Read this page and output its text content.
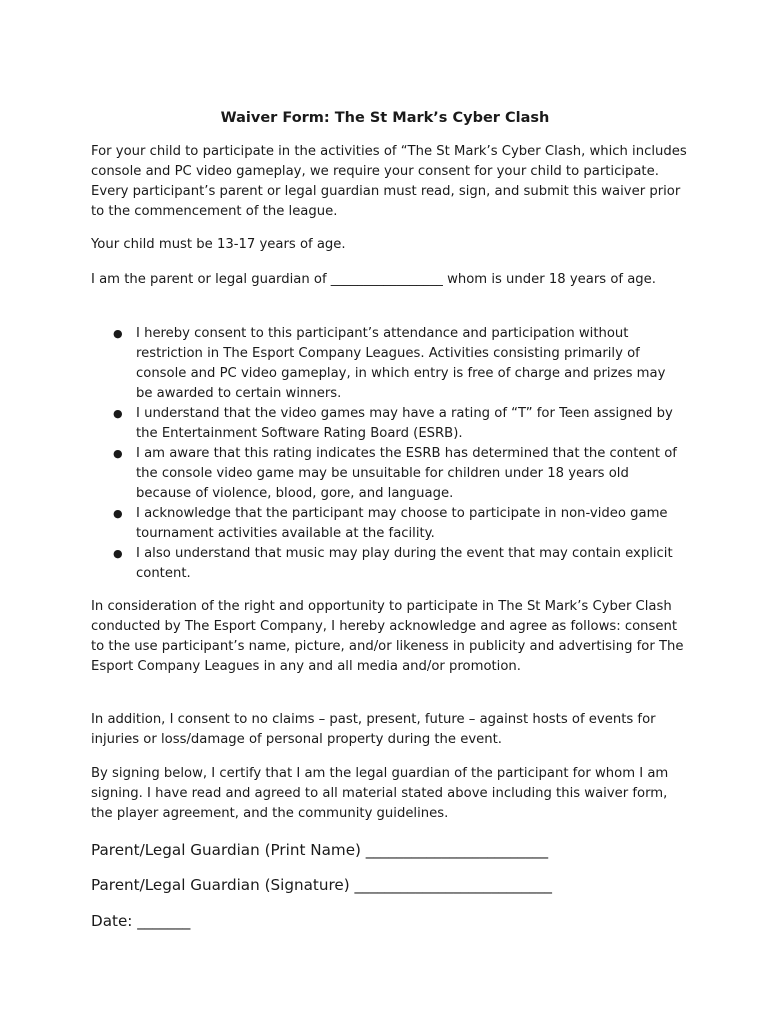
Waiver Form: The St Mark’s Cyber Clash

For your child to participate in the activities of “The St Mark’s Cyber Clash, which includes console and PC video gameplay, we require your consent for your child to participate. Every participant’s parent or legal guardian must read, sign, and submit this waiver prior to the commencement of the league.

Your child must be 13-17 years of age.

I am the parent or legal guardian of _________________ whom is under 18 years of age.

● I hereby consent to this participant’s attendance and participation without restriction in The Esport Company Leagues. Activities consisting primarily of console and PC video gameplay, in which entry is free of charge and prizes may be awarded to certain winners.
● I understand that the video games may have a rating of “T” for Teen assigned by the Entertainment Software Rating Board (ESRB).
● I am aware that this rating indicates the ESRB has determined that the content of the console video game may be unsuitable for children under 18 years old because of violence, blood, gore, and language.
● I acknowledge that the participant may choose to participate in non-video game tournament activities available at the facility.
● I also understand that music may play during the event that may contain explicit content.

In consideration of the right and opportunity to participate in The St Mark’s Cyber Clash conducted by The Esport Company, I hereby acknowledge and agree as follows: consent to the use participant’s name, picture, and/or likeness in publicity and advertising for The Esport Company Leagues in any and all media and/or promotion.

In addition, I consent to no claims – past, present, future – against hosts of events for injuries or loss/damage of personal property during the event.

By signing below, I certify that I am the legal guardian of the participant for whom I am signing. I have read and agreed to all material stated above including this waiver form, the player agreement, and the community guidelines.

Parent/Legal Guardian (Print Name) ________________________

Parent/Legal Guardian (Signature) __________________________

Date: _______
